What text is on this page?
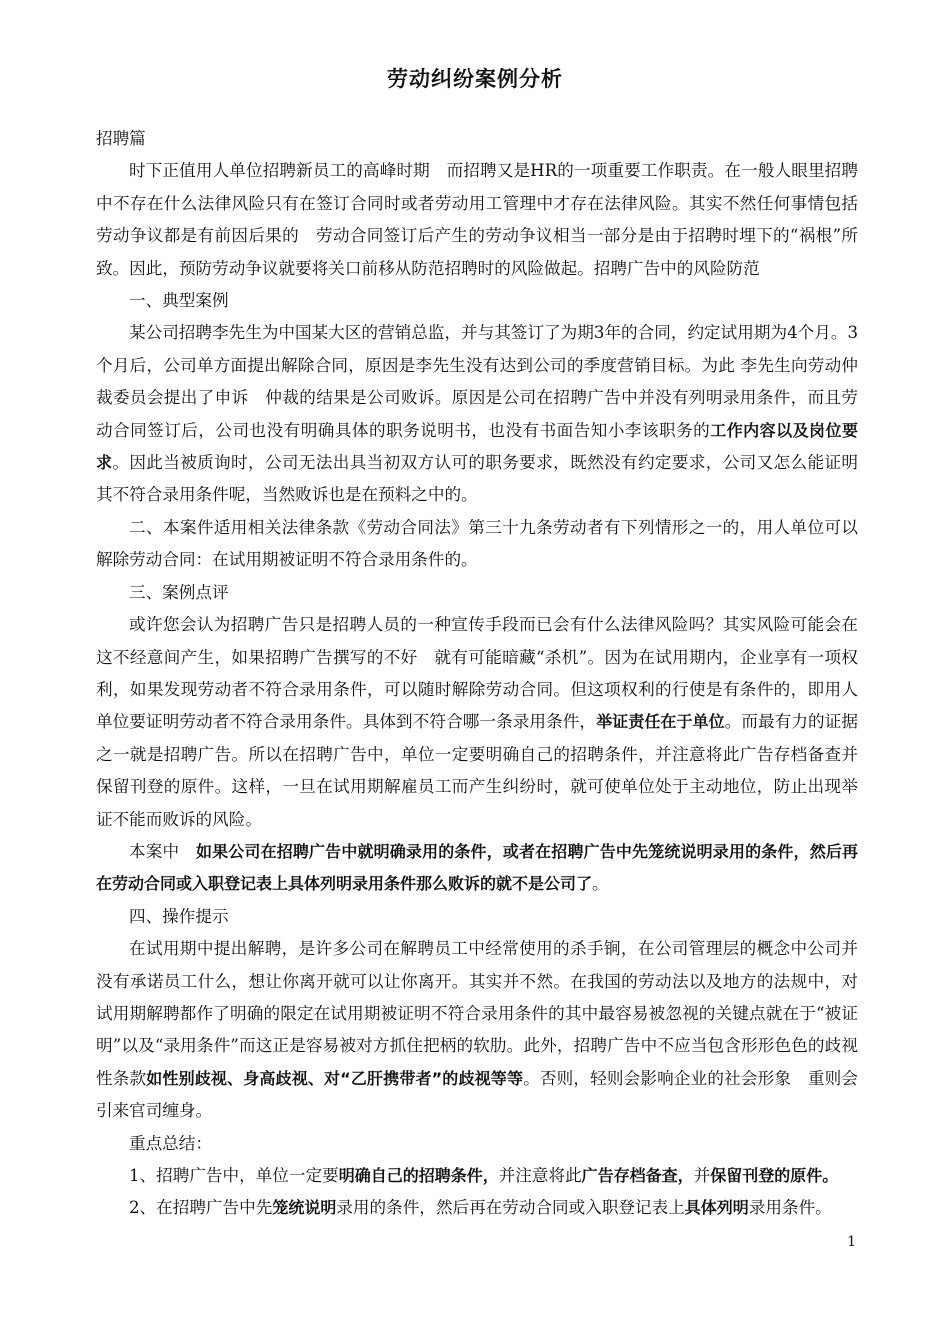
劳动纠纷案例分析

招聘篇

时下正值用人单位招聘新员工的高峰时期　而招聘又是HR的一项重要工作职责。在一般人眼里招聘中不存在什么法律风险只有在签订合同时或者劳动用工管理中才存在法律风险。其实不然任何事情包括劳动争议都是有前因后果的　劳动合同签订后产生的劳动争议相当一部分是由于招聘时埋下的“祸根”所致。因此，预防劳动争议就要将关口前移从防范招聘时的风险做起。招聘广告中的风险防范

一、典型案例

某公司招聘李先生为中国某大区的营销总监，并与其签订了为期3年的合同，约定试用期为4个月。3个月后，公司单方面提出解除合同，原因是李先生没有达到公司的季度营销目标。为此 李先生向劳动仲裁委员会提出了申诉　仲裁的结果是公司败诉。原因是公司在招聘广告中并没有列明录用条件，而且劳动合同签订后，公司也没有明确具体的职务说明书，也没有书面告知小李该职务的工作内容以及岗位要求。因此当被质询时，公司无法出具当初双方认可的职务要求，既然没有约定要求，公司又怎么能证明其不符合录用条件呢，当然败诉也是在预料之中的。

二、本案件适用相关法律条款《劳动合同法》第三十九条劳动者有下列情形之一的，用人单位可以解除劳动合同：在试用期被证明不符合录用条件的。

三、案例点评

或许您会认为招聘广告只是招聘人员的一种宣传手段而已会有什么法律风险吗？其实风险可能会在这不经意间产生，如果招聘广告撰写的不好　就有可能暗藏“杀机”。因为在试用期内，企业享有一项权利，如果发现劳动者不符合录用条件，可以随时解除劳动合同。但这项权利的行使是有条件的，即用人单位要证明劳动者不符合录用条件。具体到不符合哪一条录用条件，举证责任在于单位。而最有力的证据之一就是招聘广告。所以在招聘广告中，单位一定要明确自己的招聘条件，并注意将此广告存档备查并保留刊登的原件。这样，一旦在试用期解雇员工而产生纠纷时，就可使单位处于主动地位，防止出现举证不能而败诉的风险。

本案中　如果公司在招聘广告中就明确录用的条件，或者在招聘广告中先笼统说明录用的条件，然后再在劳动合同或入职登记表上具体列明录用条件那么败诉的就不是公司了。

四、操作提示

在试用期中提出解聘，是许多公司在解聘员工中经常使用的杀手锏，在公司管理层的概念中公司并没有承诺员工什么，想让你离开就可以让你离开。其实并不然。在我国的劳动法以及地方的法规中，对试用期解聘都作了明确的限定在试用期被证明不符合录用条件的其中最容易被忽视的关键点就在于“被证明”以及“录用条件”而这正是容易被对方抓住把柄的软肋。此外，招聘广告中不应当包含形形色色的歧视性条款如性别歧视、身高歧视、对“乙肝携带者”的歧视等等。否则，轻则会影响企业的社会形象　重则会引来官司缠身。

重点总结：

1、招聘广告中，单位一定要明确自己的招聘条件，并注意将此广告存档备查，并保留刊登的原件。

2、在招聘广告中先笼统说明录用的条件，然后再在劳动合同或入职登记表上具体列明录用条件。

1
